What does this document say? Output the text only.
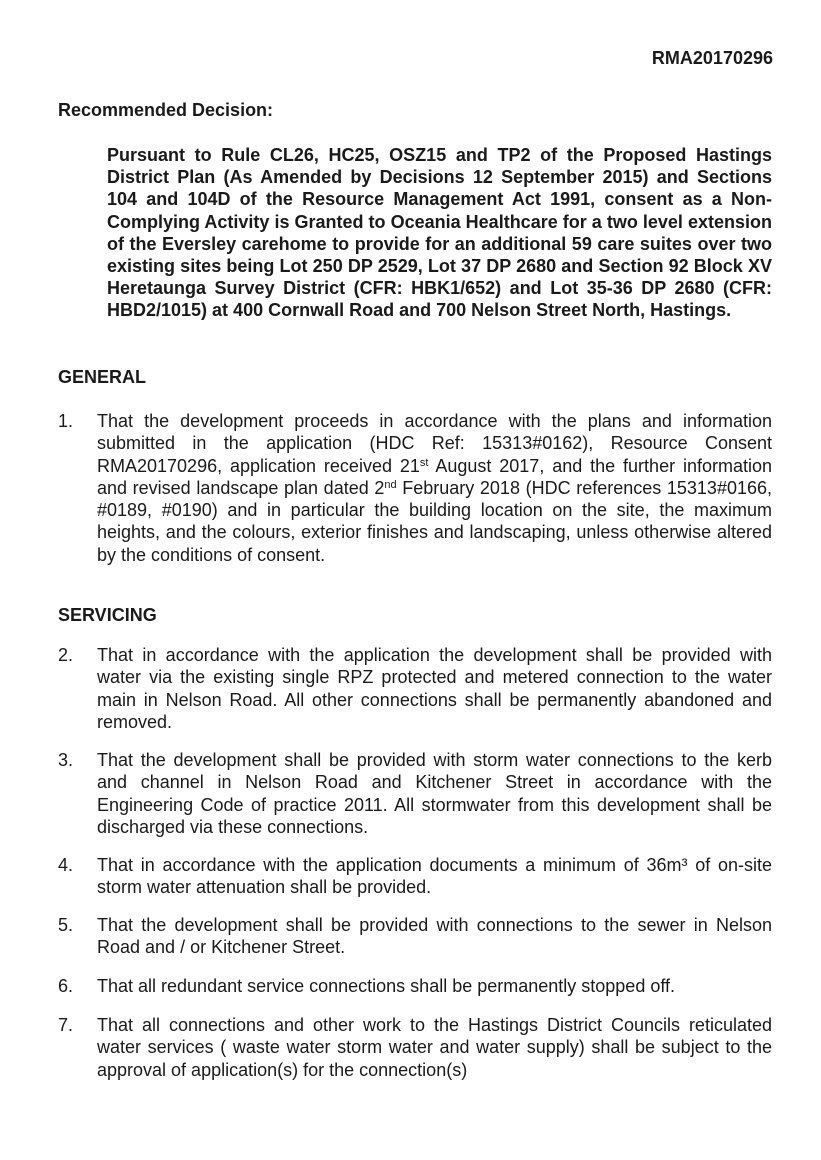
RMA20170296
Recommended Decision:
Pursuant to Rule CL26, HC25, OSZ15 and TP2 of the Proposed Hastings District Plan (As Amended by Decisions 12 September 2015) and Sections 104 and 104D of the Resource Management Act 1991, consent as a Non-Complying Activity is Granted to Oceania Healthcare for a two level extension of the Eversley carehome to provide for an additional 59 care suites over two existing sites being Lot 250 DP 2529, Lot 37 DP 2680 and Section 92 Block XV Heretaunga Survey District (CFR: HBK1/652) and Lot 35-36 DP 2680 (CFR: HBD2/1015) at 400 Cornwall Road and 700 Nelson Street North, Hastings.
GENERAL
1.	That the development proceeds in accordance with the plans and information submitted in the application (HDC Ref: 15313#0162), Resource Consent RMA20170296, application received 21st August 2017, and the further information and revised landscape plan dated 2nd February 2018 (HDC references 15313#0166, #0189, #0190) and in particular the building location on the site, the maximum heights, and the colours, exterior finishes and landscaping, unless otherwise altered by the conditions of consent.
SERVICING
2.	That in accordance with the application the development shall be provided with water via the existing single RPZ protected and metered connection to the water main in Nelson Road. All other connections shall be permanently abandoned and removed.
3.	That the development shall be provided with storm water connections to the kerb and channel in Nelson Road and Kitchener Street in accordance with the Engineering Code of practice 2011. All stormwater from this development shall be discharged via these connections.
4.	That in accordance with the application documents a minimum of 36m³ of on-site storm water attenuation shall be provided.
5.	That the development shall be provided with connections to the sewer in Nelson Road and / or Kitchener Street.
6.	That all redundant service connections shall be permanently stopped off.
7.	That all connections and other work to the Hastings District Councils reticulated water services ( waste water storm water and water supply) shall be subject to the approval of application(s) for the connection(s)
